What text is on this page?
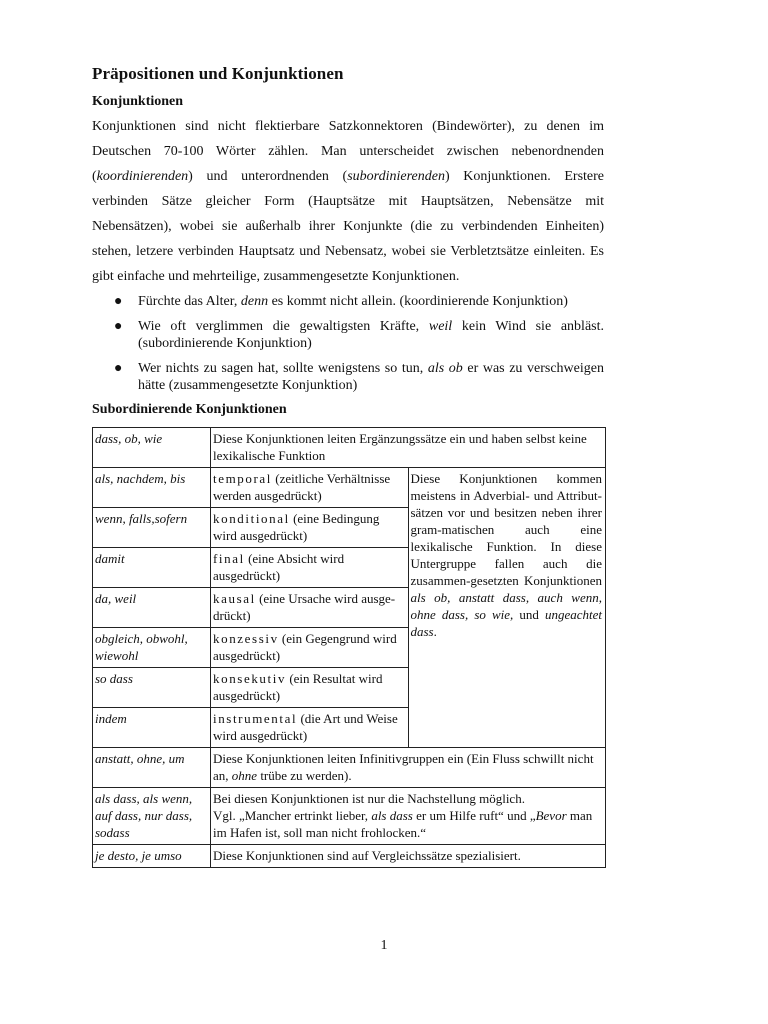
Präpositionen und Konjunktionen
Konjunktionen

Konjunktionen sind nicht flektierbare Satzkonnektoren (Bindewörter), zu denen im Deutschen 70-100 Wörter zählen. Man unterscheidet zwischen nebenordnenden (koordinierenden) und unterordnenden (subordinierenden) Konjunktionen. Erstere verbinden Sätze gleicher Form (Hauptsätze mit Hauptsätzen, Nebensätze mit Nebensätzen), wobei sie außerhalb ihrer Konjunkte (die zu verbindenden Einheiten) stehen, letzere verbinden Hauptsatz und Nebensatz, wobei sie Verbletztsätze einleiten. Es gibt einfache und mehrteilige, zusammengesetzte Konjunktionen.

● Fürchte das Alter, denn es kommt nicht allein. (koordinierende Konjunktion)
● Wie oft verglimmen die gewaltigsten Kräfte, weil kein Wind sie anbläst. (subordinierende Konjunktion)
● Wer nichts zu sagen hat, sollte wenigstens so tun, als ob er was zu verschweigen hätte (zusammengesetzte Konjunktion)
Subordinierende Konjunktionen
dass, ob, wie	Diese Konjunktionen leiten Ergänzungssätze ein und haben selbst keine lexikalische Funktion	
als, nachdem, bis	temporal (zeitliche Verhältnisse werden ausgedrückt)	Diese Konjunktionen kommen meistens in Adverbial- und Attribut-sätzen vor und besitzen neben ihrer gram-matischen auch eine lexikalische Funktion. In diese Untergruppe fallen auch die zusammen-gesetzten Konjunktionen als ob, anstatt dass, auch wenn, ohne dass, so wie, und ungeachtet dass.
wenn, falls,sofern	konditional (eine Bedingung wird ausgedrückt)	
damit	final (eine Absicht wird ausgedrückt)	
da, weil	kausal (eine Ursache wird ausge-drückt)	
obgleich, obwohl, wiewohl	konzessiv (ein Gegengrund wird ausgedrückt)	
so dass	konsekutiv (ein Resultat wird ausgedrückt)	
indem	instrumental (die Art und Weise wird ausgedrückt)	
anstatt, ohne, um	Diese Konjunktionen leiten Infinitivgruppen ein (Ein Fluss schwillt nicht an, ohne trübe zu werden).	
als dass, als wenn, auf dass, nur dass, sodass	Bei diesen Konjunktionen ist nur die Nachstellung möglich.
Vgl. „Mancher ertrinkt lieber, als dass er um Hilfe ruft“ und „Bevor man im Hafen ist, soll man nicht frohlocken.“	
je desto, je umso	Diese Konjunktionen sind auf Vergleichssätze spezialisiert.	
1
